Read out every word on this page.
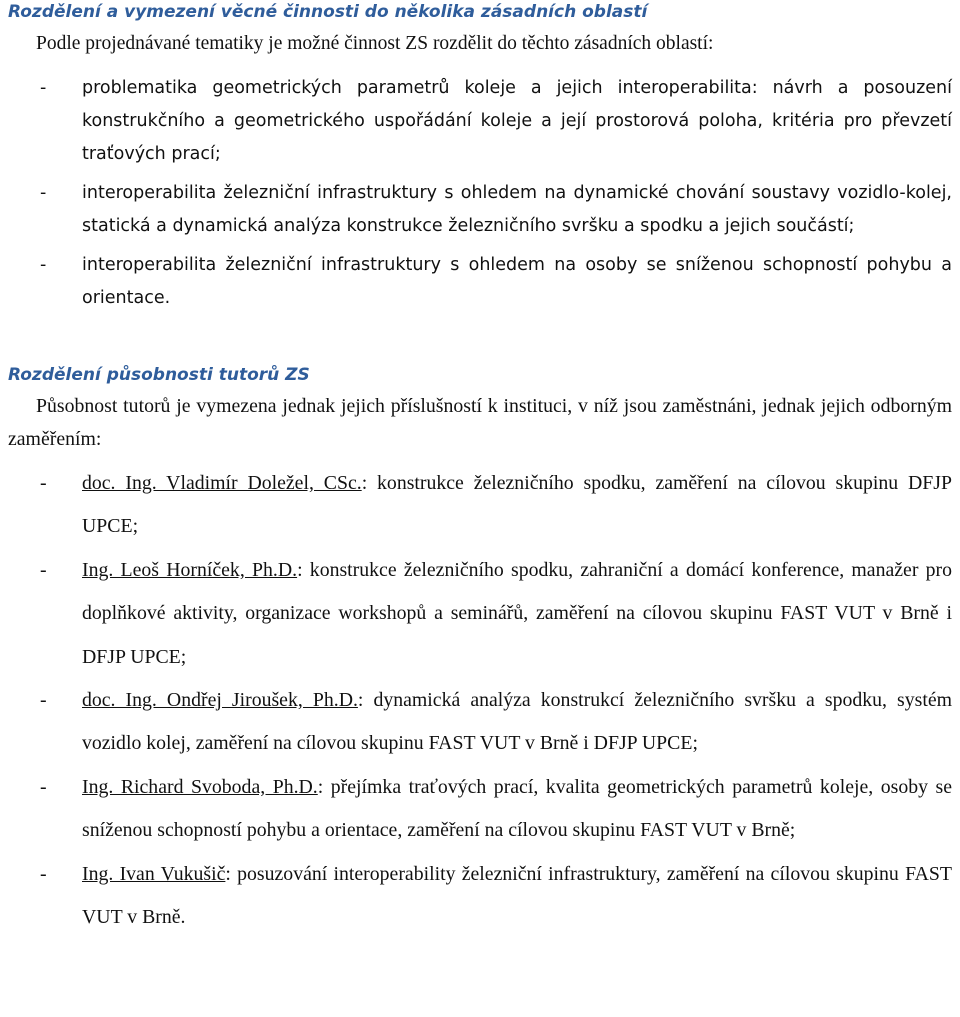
Rozdělení a vymezení věcné činnosti do několika zásadních oblastí
Podle projednávané tematiky je možné činnost ZS rozdělit do těchto zásadních oblastí:
- problematika geometrických parametrů koleje a jejich interoperabilita: návrh a posouzení konstrukčního a geometrického uspořádání koleje a její prostorová poloha, kritéria pro převzetí traťových prací;
- interoperabilita železniční infrastruktury s ohledem na dynamické chování soustavy vozidlo-kolej, statická a dynamická analýza konstrukce železničního svršku a spodku a jejich součástí;
- interoperabilita železniční infrastruktury s ohledem na osoby se sníženou schopností pohybu a orientace.
Rozdělení působnosti tutorů ZS
Působnost tutorů je vymezena jednak jejich příslušností k instituci, v níž jsou zaměstnáni, jednak jejich odborným zaměřením:
- doc. Ing. Vladimír Doležel, CSc.: konstrukce železničního spodku, zaměření na cílovou skupinu DFJP UPCE;
- Ing. Leoš Horníček, Ph.D.: konstrukce železničního spodku, zahraniční a domácí konference, manažer pro doplňkové aktivity, organizace workshopů a seminářů, zaměření na cílovou skupinu FAST VUT v Brně i DFJP UPCE;
- doc. Ing. Ondřej Jiroušek, Ph.D.: dynamická analýza konstrukcí železničního svršku a spodku, systém vozidlo kolej, zaměření na cílovou skupinu FAST VUT v Brně i DFJP UPCE;
- Ing. Richard Svoboda, Ph.D.: přejímka traťových prací, kvalita geometrických parametrů koleje, osoby se sníženou schopností pohybu a orientace, zaměření na cílovou skupinu FAST VUT v Brně;
- Ing. Ivan Vukušič: posuzování interoperability železniční infrastruktury, zaměření na cílovou skupinu FAST VUT v Brně.
